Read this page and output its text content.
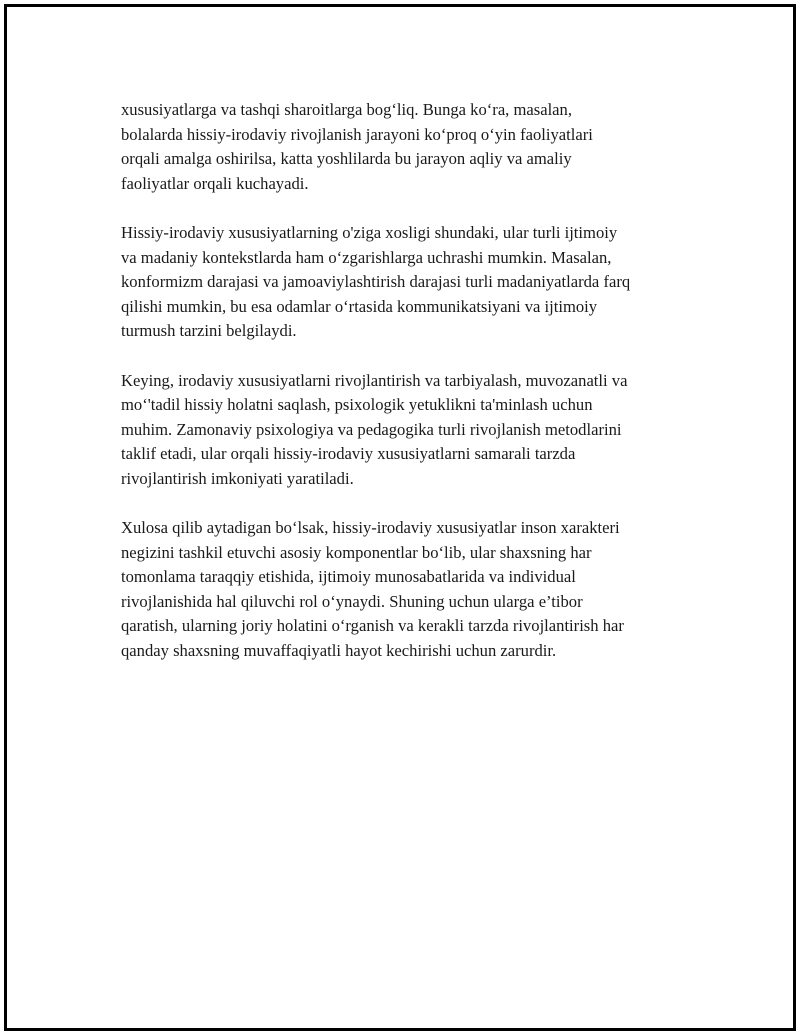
xususiyatlarga va tashqi sharoitlarga bog‘liq. Bunga ko‘ra, masalan,
bolalarda hissiy-irodaviy rivojlanish jarayoni ko‘proq o‘yin faoliyatlari
orqali amalga oshirilsa, katta yoshlilarda bu jarayon aqliy va amaliy
faoliyatlar orqali kuchayadi.

Hissiy-irodaviy xususiyatlarning o'ziga xosligi shundaki, ular turli ijtimoiy
va madaniy kontekstlarda ham o‘zgarishlarga uchrashi mumkin. Masalan,
konformizm darajasi va jamoaviylashtirish darajasi turli madaniyatlarda farq
qilishi mumkin, bu esa odamlar o‘rtasida kommunikatsiyani va ijtimoiy
turmush tarzini belgilaydi.

Keying, irodaviy xususiyatlarni rivojlantirish va tarbiyalash, muvozanatli va
mo‘'tadil hissiy holatni saqlash, psixologik yetuklikni ta'minlash uchun
muhim. Zamonaviy psixologiya va pedagogika turli rivojlanish metodlarini
taklif etadi, ular orqali hissiy-irodaviy xususiyatlarni samarali tarzda
rivojlantirish imkoniyati yaratiladi.

Xulosa qilib aytadigan bo‘lsak, hissiy-irodaviy xususiyatlar inson xarakteri
negizini tashkil etuvchi asosiy komponentlar bo‘lib, ular shaxsning har
tomonlama taraqqiy etishida, ijtimoiy munosabatlarida va individual
rivojlanishida hal qiluvchi rol o‘ynaydi. Shuning uchun ularga e’tibor
qaratish, ularning joriy holatini o‘rganish va kerakli tarzda rivojlantirish har
qanday shaxsning muvaffaqiyatli hayot kechirishi uchun zarurdir.
